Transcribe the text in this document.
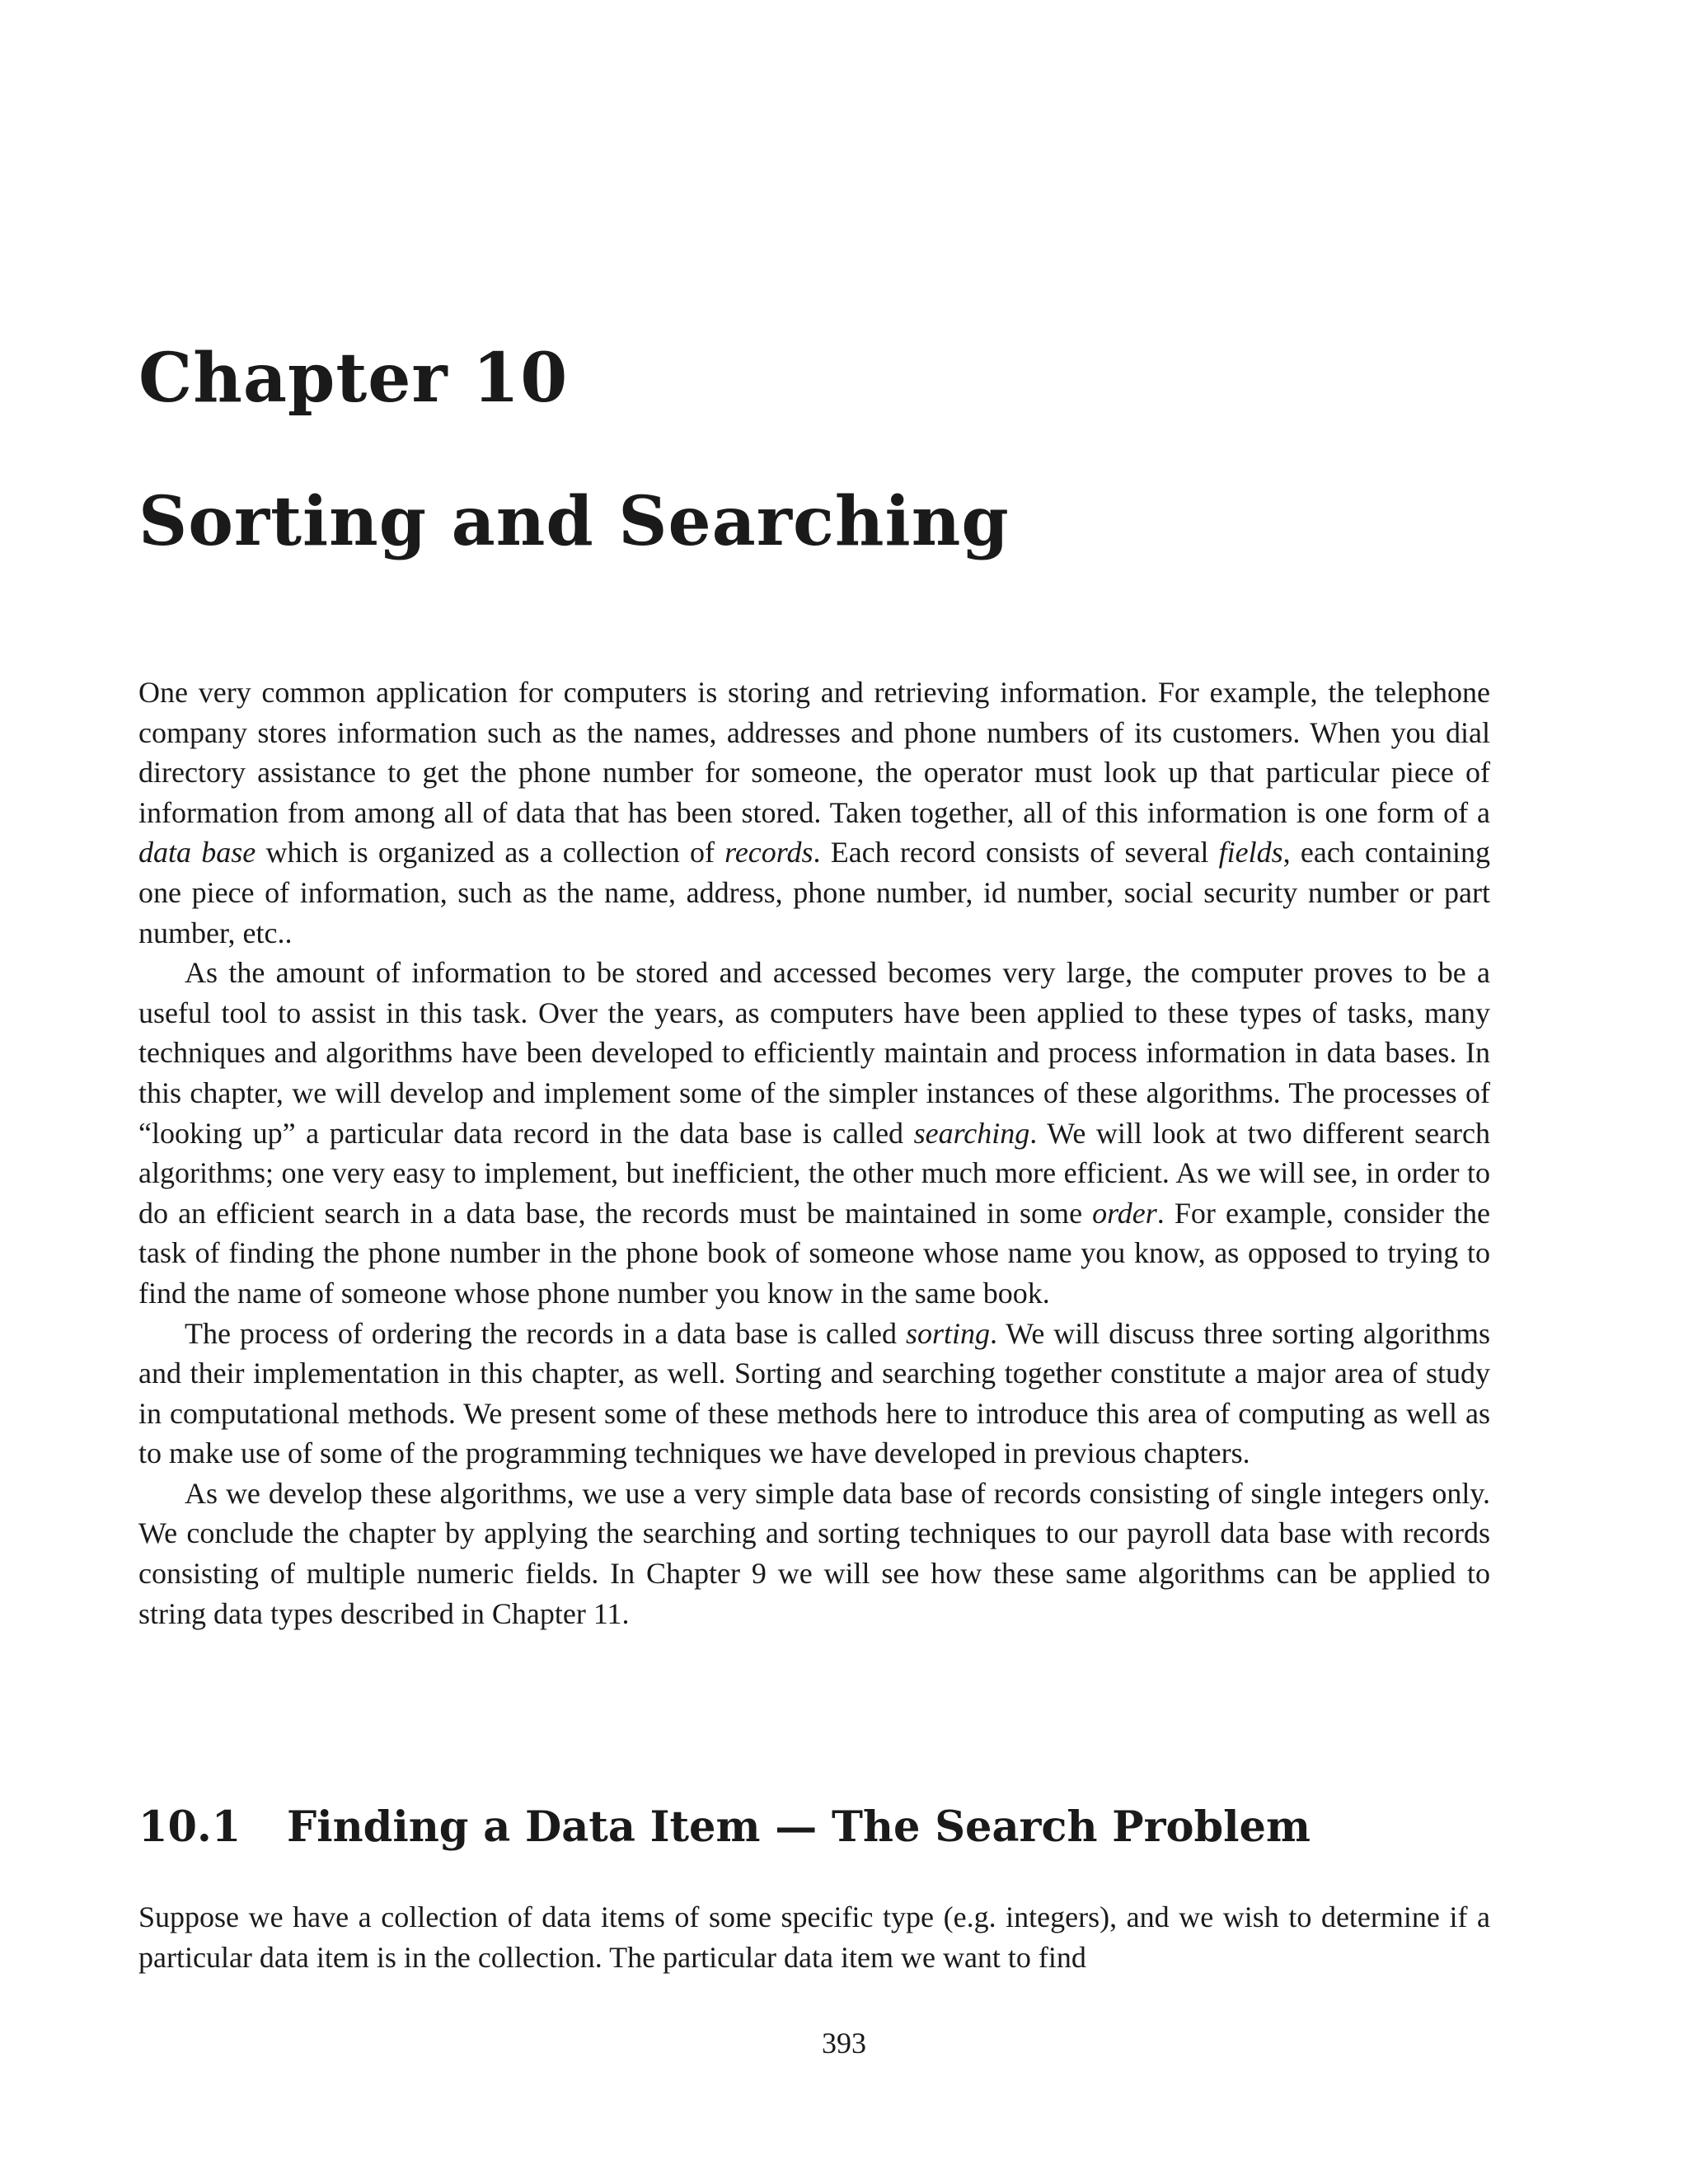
Chapter 10
Sorting and Searching

One very common application for computers is storing and retrieving information. For example, the telephone company stores information such as the names, addresses and phone numbers of its customers. When you dial directory assistance to get the phone number for someone, the operator must look up that particular piece of information from among all of data that has been stored. Taken together, all of this information is one form of a data base which is organized as a collection of records. Each record consists of several fields, each containing one piece of information, such as the name, address, phone number, id number, social security number or part number, etc..

As the amount of information to be stored and accessed becomes very large, the computer proves to be a useful tool to assist in this task. Over the years, as computers have been applied to these types of tasks, many techniques and algorithms have been developed to efficiently maintain and process information in data bases. In this chapter, we will develop and implement some of the simpler instances of these algorithms. The processes of “looking up” a particular data record in the data base is called searching. We will look at two different search algorithms; one very easy to implement, but inefficient, the other much more efficient. As we will see, in order to do an efficient search in a data base, the records must be maintained in some order. For example, consider the task of finding the phone number in the phone book of someone whose name you know, as opposed to trying to find the name of someone whose phone number you know in the same book.

The process of ordering the records in a data base is called sorting. We will discuss three sorting algorithms and their implementation in this chapter, as well. Sorting and searching together constitute a major area of study in computational methods. We present some of these methods here to introduce this area of computing as well as to make use of some of the programming techniques we have developed in previous chapters.

As we develop these algorithms, we use a very simple data base of records consisting of single integers only. We conclude the chapter by applying the searching and sorting techniques to our payroll data base with records consisting of multiple numeric fields. In Chapter 9 we will see how these same algorithms can be applied to string data types described in Chapter 11.

10.1 Finding a Data Item — The Search Problem

Suppose we have a collection of data items of some specific type (e.g. integers), and we wish to determine if a particular data item is in the collection. The particular data item we want to find

393
